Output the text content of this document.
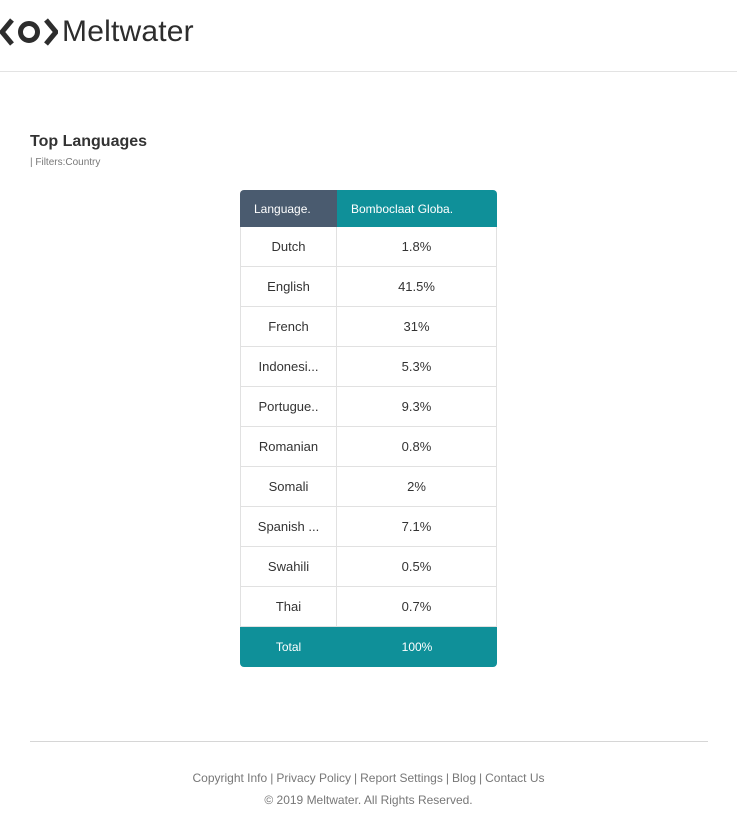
Meltwater
Top Languages
| Filters:Country
Language.	Bomboclaat Globa.
Dutch	1.8%
English	41.5%
French	31%
Indonesi...	5.3%
Portugue..	9.3%
Romanian	0.8%
Somali	2%
Spanish ...	7.1%
Swahili	0.5%
Thai	0.7%
Total	100%
Copyright Info | Privacy Policy | Report Settings | Blog | Contact Us
© 2019 Meltwater. All Rights Reserved.
